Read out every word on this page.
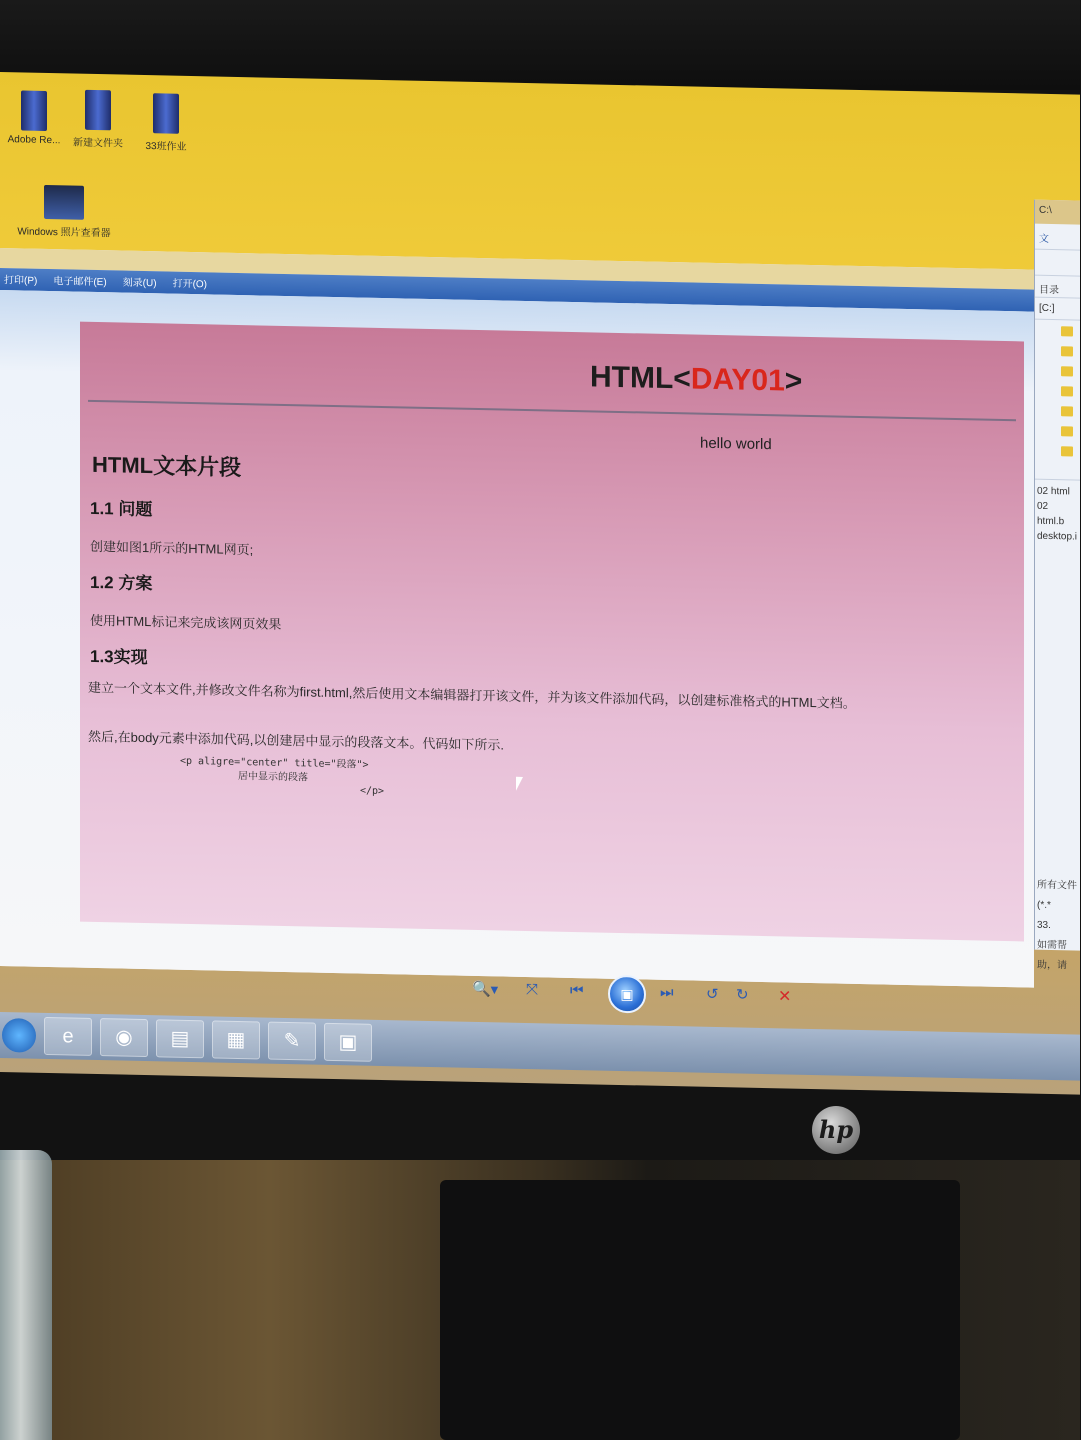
Adobe Re...	新建文件夹	33班作业
Windows 照片查看器
打印(P) 电子邮件(E) 刻录(U) 打开(O)
HTML<DAY01>
hello world
HTML文本片段
1.1 问题
创建如图1所示的HTML网页;
1.2 方案
使用HTML标记来完成该网页效果
1.3实现
建立一个文本文件,并修改文件名称为first.html,然后使用文本编辑器打开该文件，并为该文件添加代码，以创建标准格式的HTML文档。
然后,在body元素中添加代码,以创建居中显示的段落文本。代码如下所示.
<p aligre="center" title="段落">
居中显示的段落
</p>
C:\
文
目录
[C:]
02 html
02 html.b
desktop.i
所有文件 (*.*
33.
如需帮助，请
🔍▾ ⤧ ⏮	▣	⏭ ↺ ↻ ✕
e	◉	▤	▦	✎	▣
hp
